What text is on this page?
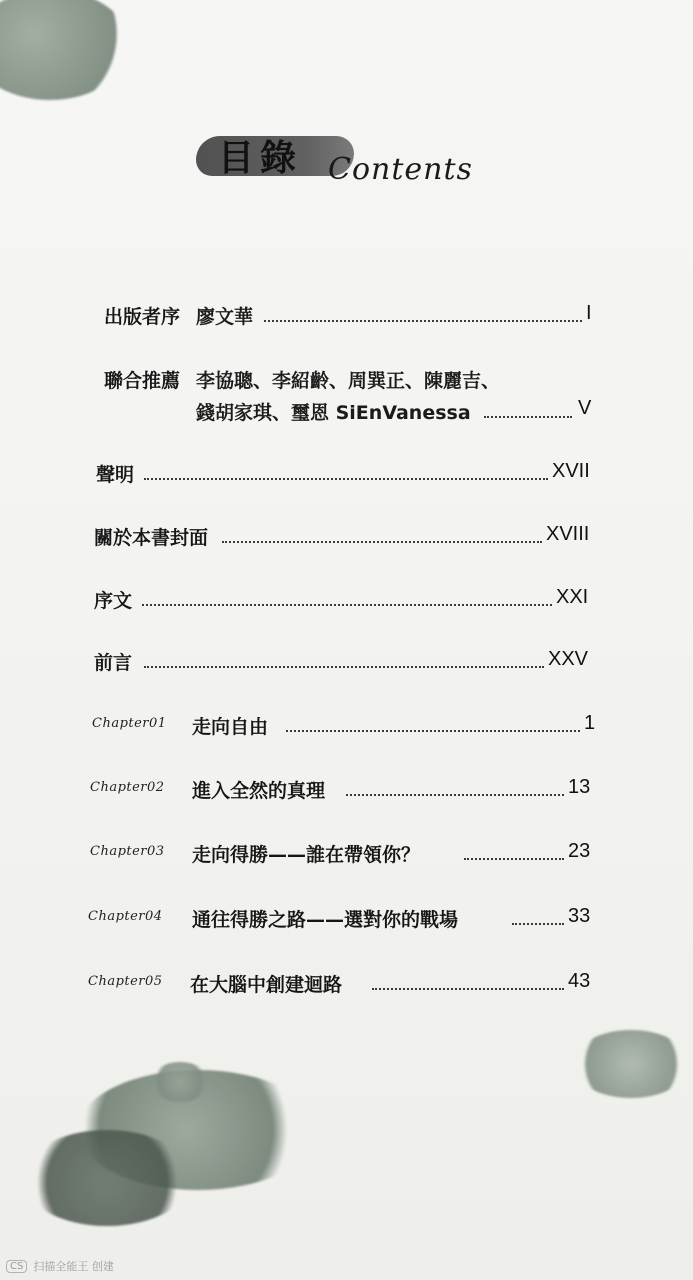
目錄 Contents
出版者序 廖文華	I
聯合推薦 李協聰、李紹齡、周巽正、陳麗吉、
錢胡家琪、璽恩 SiEnVanessa	V
聲明	XVII
關於本書封面	XVIII
序文	XXI
前言	XXV
Chapter01 走向自由	1
Chapter02 進入全然的真理	13
Chapter03 走向得勝——誰在帶領你？	23
Chapter04 通往得勝之路——選對你的戰場	33
Chapter05 在大腦中創建迴路	43
CS 扫描全能王 创建
